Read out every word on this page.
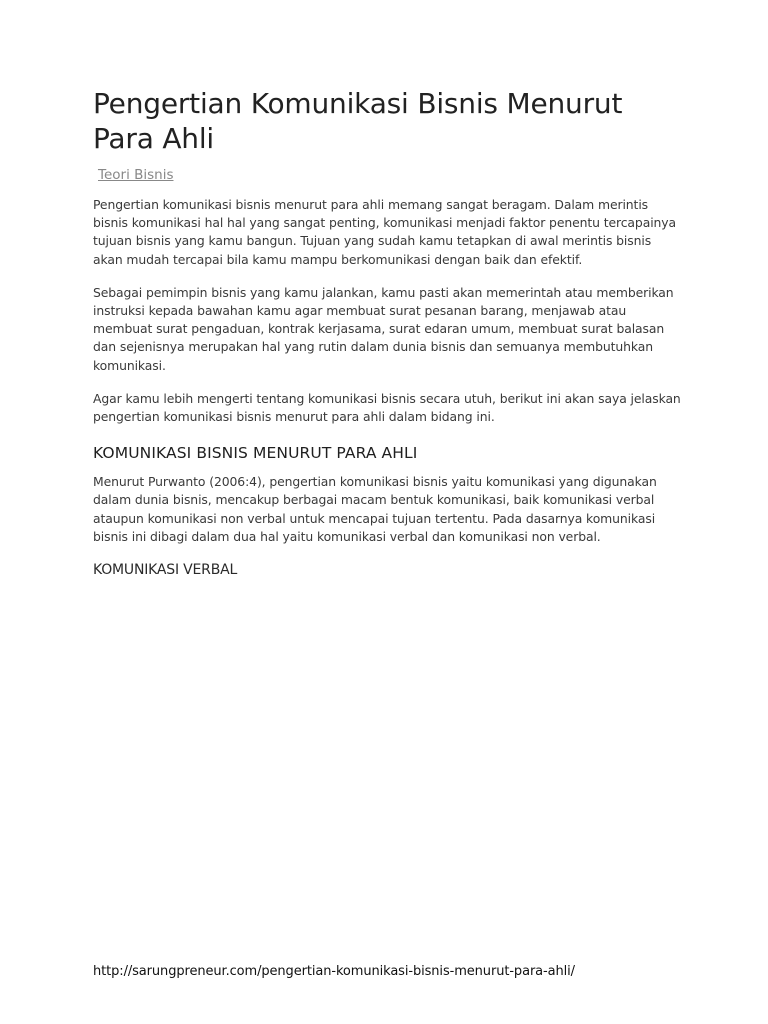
Pengertian Komunikasi Bisnis Menurut Para Ahli
Teori Bisnis

Pengertian komunikasi bisnis menurut para ahli memang sangat beragam. Dalam merintis bisnis komunikasi hal hal yang sangat penting, komunikasi menjadi faktor penentu tercapainya tujuan bisnis yang kamu bangun. Tujuan yang sudah kamu tetapkan di awal merintis bisnis akan mudah tercapai bila kamu mampu berkomunikasi dengan baik dan efektif.

Sebagai pemimpin bisnis yang kamu jalankan, kamu pasti akan memerintah atau memberikan instruksi kepada bawahan kamu agar membuat surat pesanan barang, menjawab atau membuat surat pengaduan, kontrak kerjasama, surat edaran umum, membuat surat balasan dan sejenisnya merupakan hal yang rutin dalam dunia bisnis dan semuanya membutuhkan komunikasi.

Agar kamu lebih mengerti tentang komunikasi bisnis secara utuh, berikut ini akan saya jelaskan pengertian komunikasi bisnis menurut para ahli dalam bidang ini.

KOMUNIKASI BISNIS MENURUT PARA AHLI

Menurut Purwanto (2006:4), pengertian komunikasi bisnis yaitu komunikasi yang digunakan dalam dunia bisnis, mencakup berbagai macam bentuk komunikasi, baik komunikasi verbal ataupun komunikasi non verbal untuk mencapai tujuan tertentu. Pada dasarnya komunikasi bisnis ini dibagi dalam dua hal yaitu komunikasi verbal dan komunikasi non verbal.

KOMUNIKASI VERBAL
http://sarungpreneur.com/pengertian-komunikasi-bisnis-menurut-para-ahli/
